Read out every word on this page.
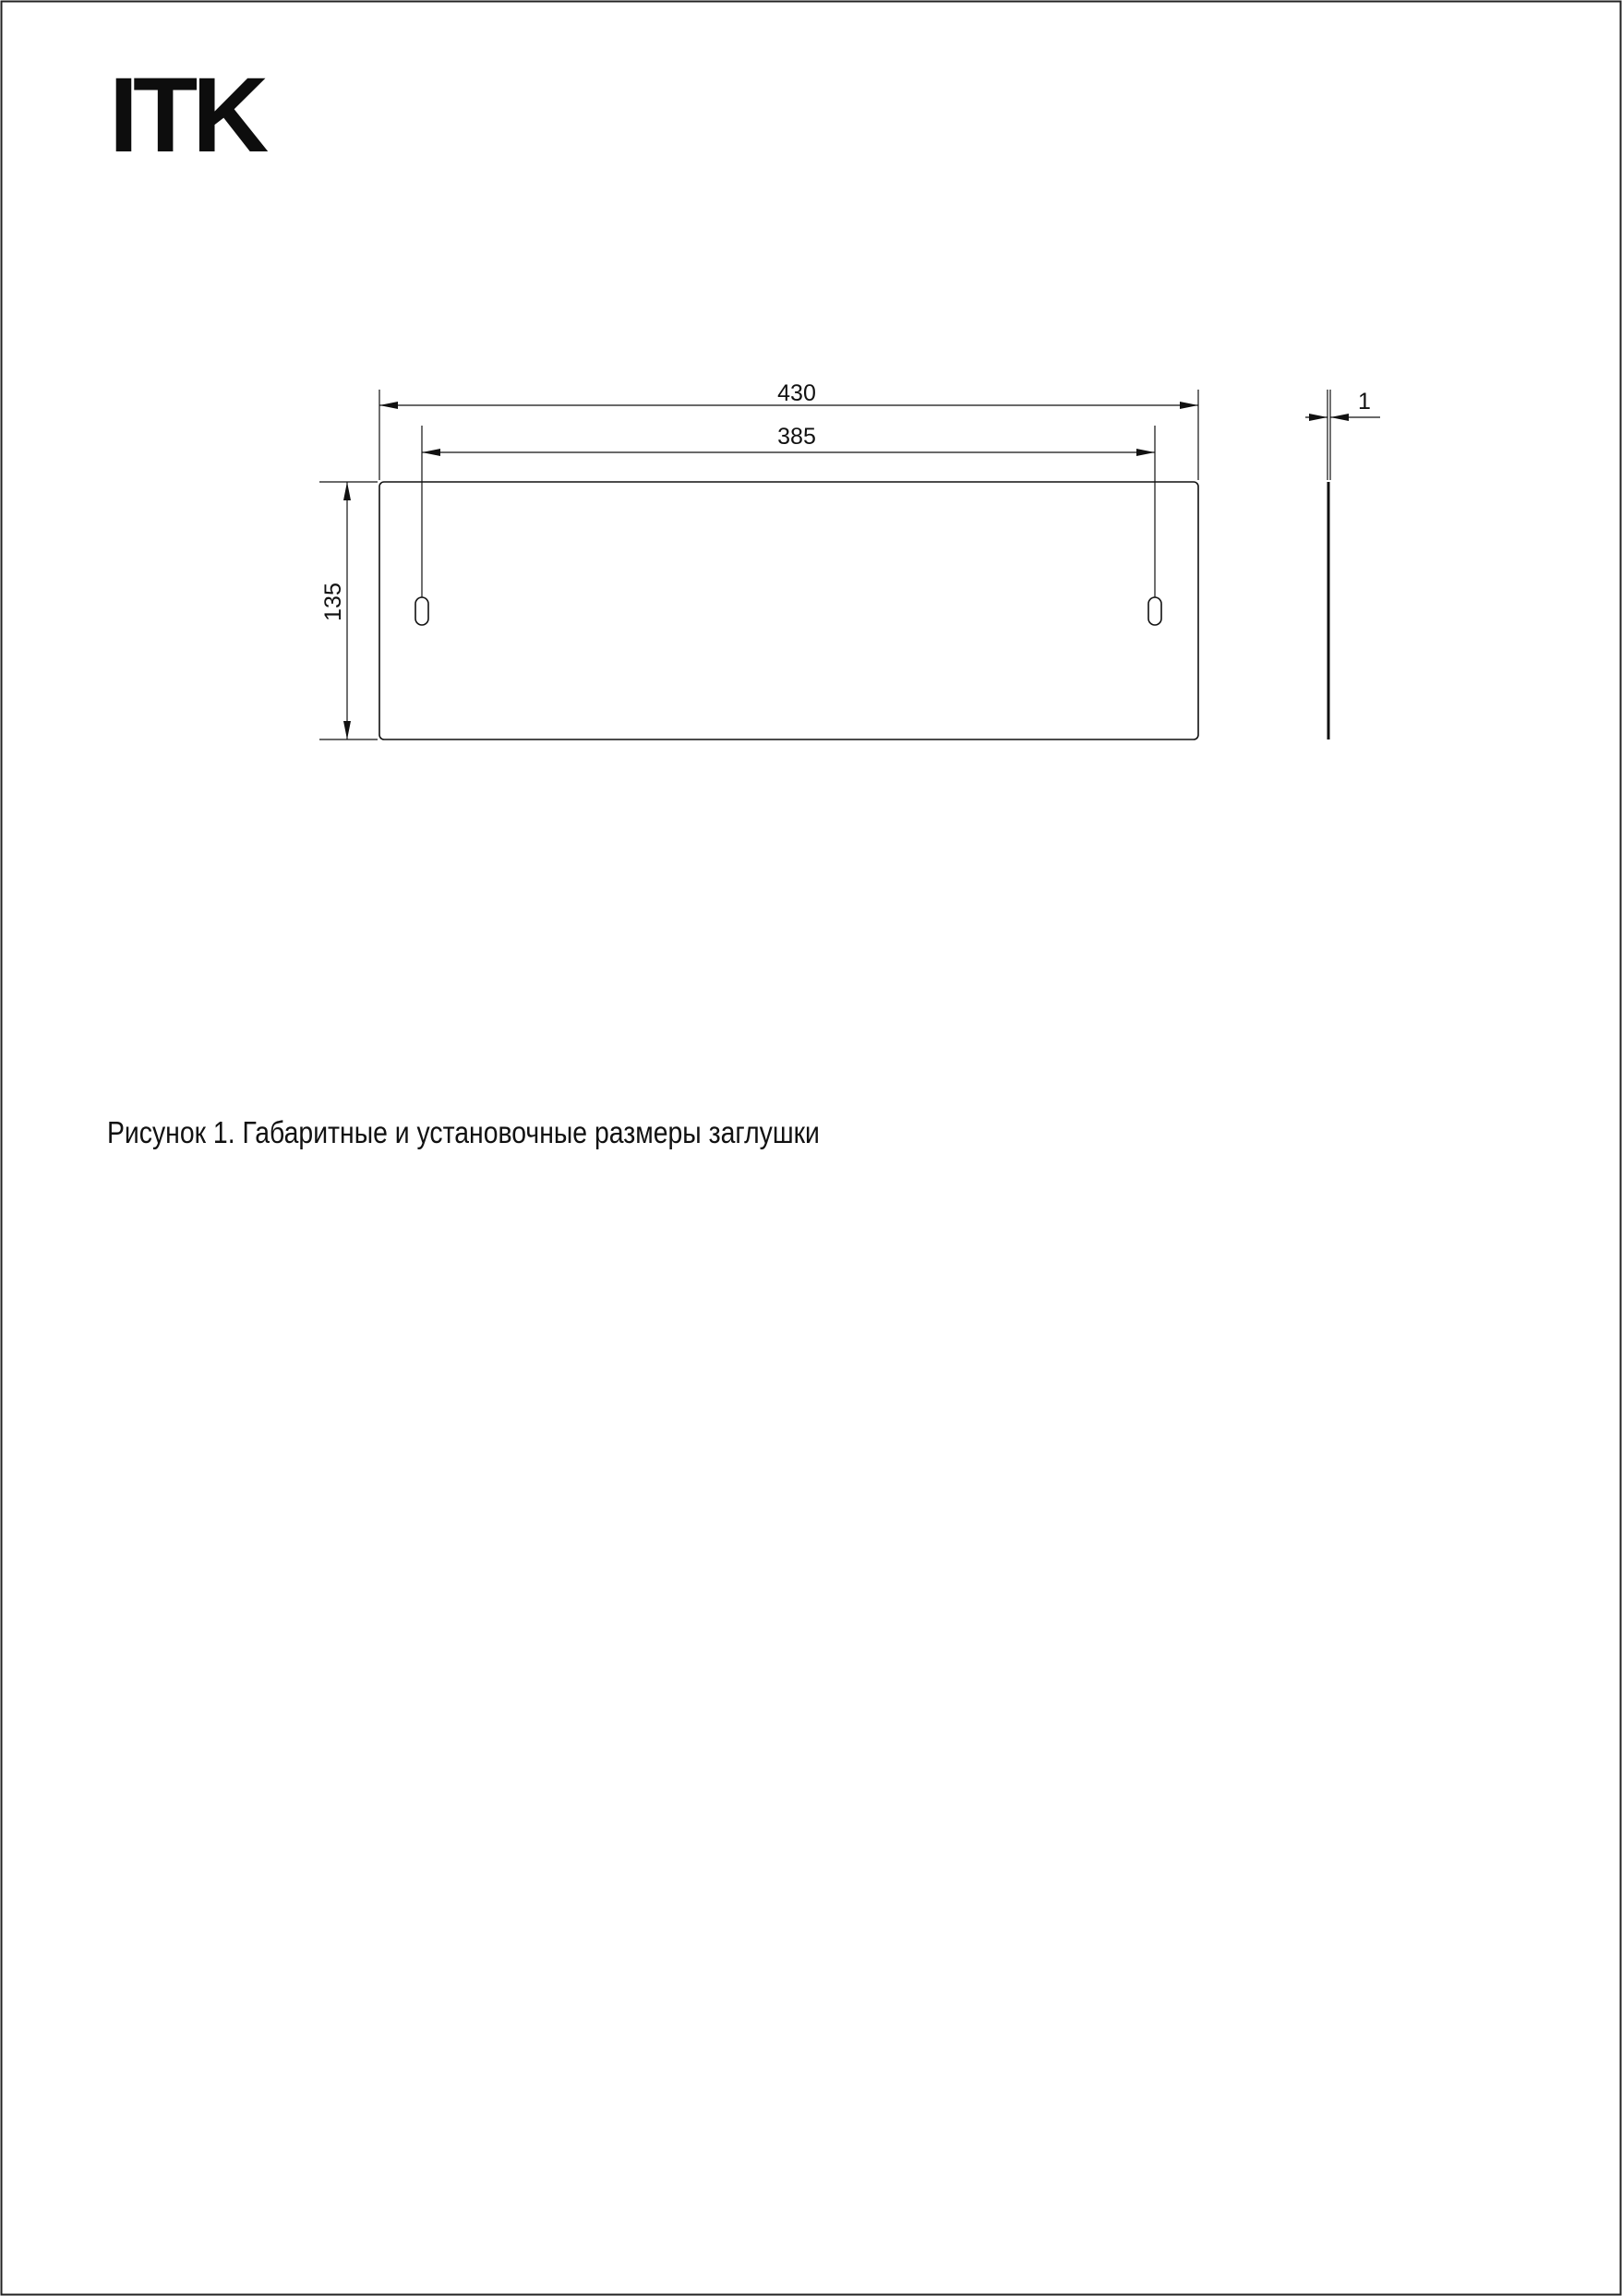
ITK
430
385
135
1
Рисунок 1. Габаритные и установочные размеры заглушки
